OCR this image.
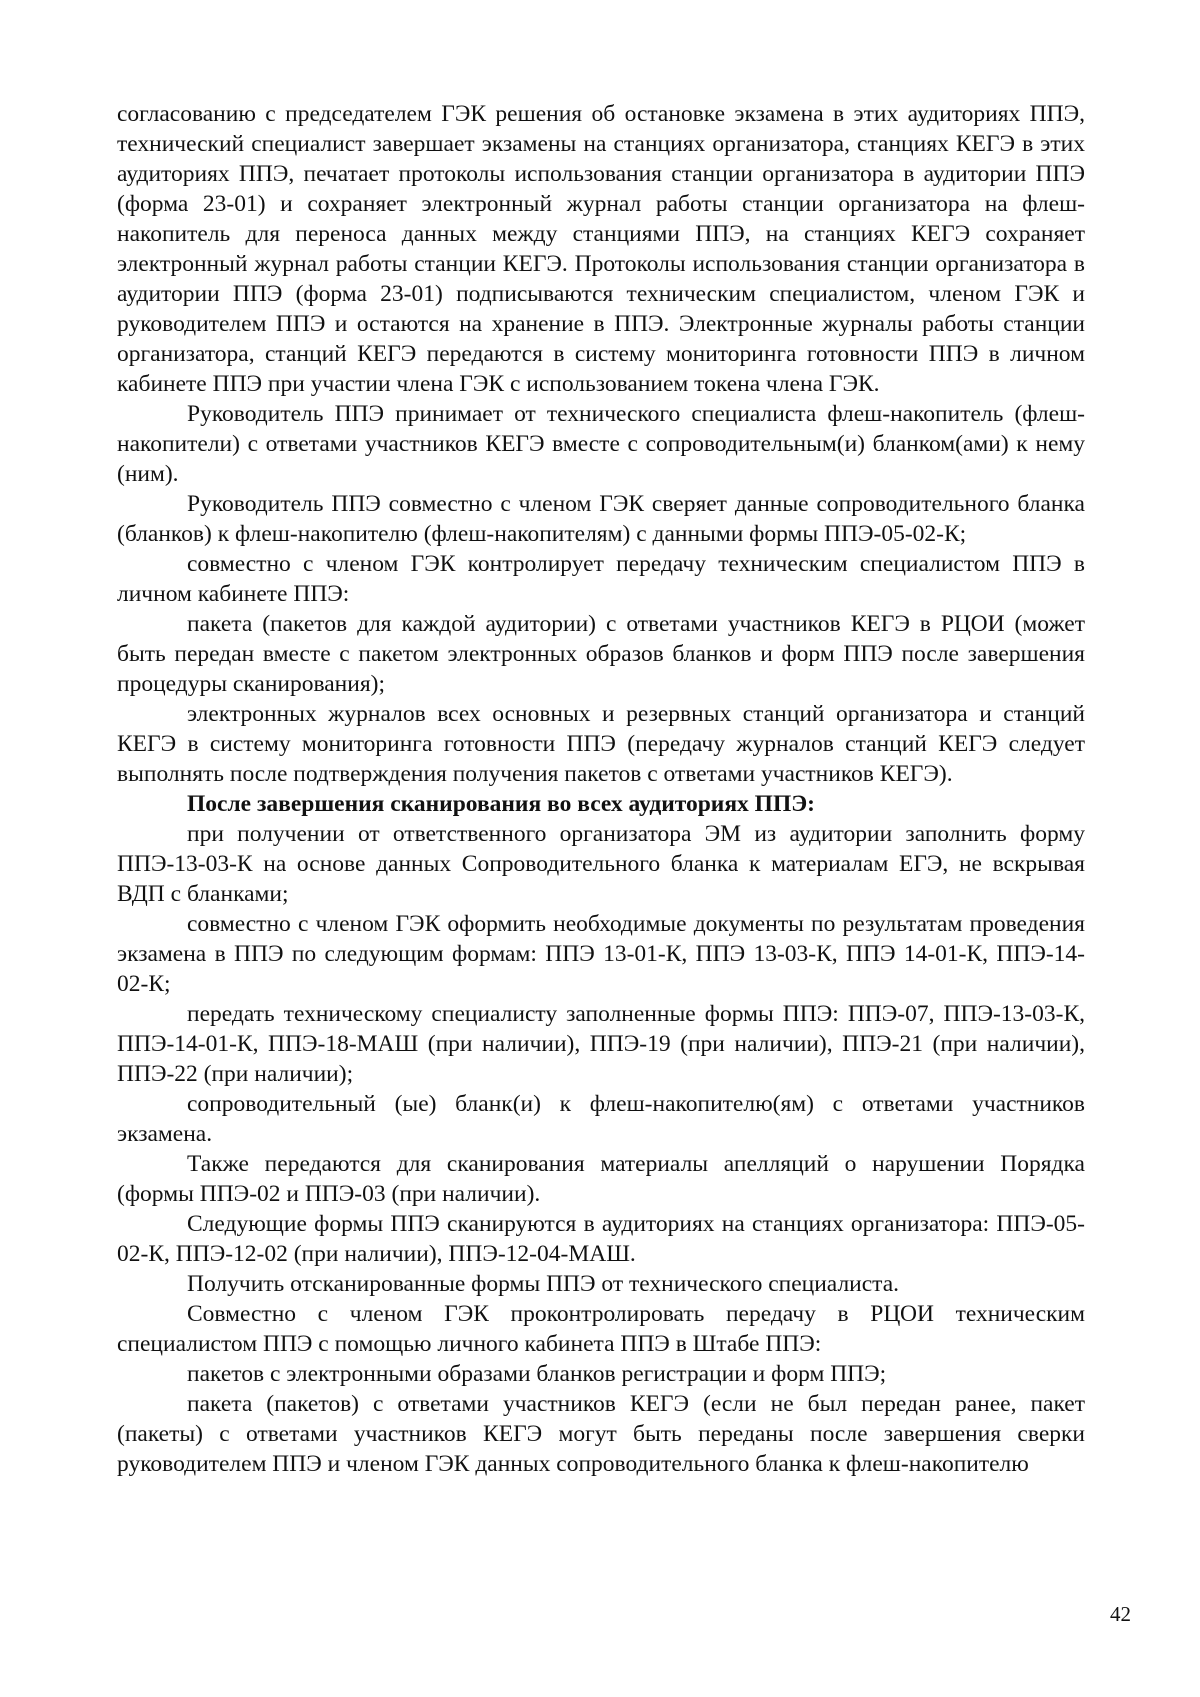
согласованию с председателем ГЭК решения об остановке экзамена в этих аудиториях ППЭ, технический специалист завершает экзамены на станциях организатора, станциях КЕГЭ в этих аудиториях ППЭ, печатает протоколы использования станции организатора в аудитории ППЭ (форма 23-01) и сохраняет электронный журнал работы станции организатора на флеш-накопитель для переноса данных между станциями ППЭ, на станциях КЕГЭ сохраняет электронный журнал работы станции КЕГЭ. Протоколы использования станции организатора в аудитории ППЭ (форма 23-01) подписываются техническим специалистом, членом ГЭК и руководителем ППЭ и остаются на хранение в ППЭ. Электронные журналы работы станции организатора, станций КЕГЭ передаются в систему мониторинга готовности ППЭ в личном кабинете ППЭ при участии члена ГЭК с использованием токена члена ГЭК.

Руководитель ППЭ принимает от технического специалиста флеш-накопитель (флеш-накопители) с ответами участников КЕГЭ вместе с сопроводительным(и) бланком(ами) к нему (ним).

Руководитель ППЭ совместно с членом ГЭК сверяет данные сопроводительного бланка (бланков) к флеш-накопителю (флеш-накопителям) с данными формы ППЭ-05-02-К;

совместно с членом ГЭК контролирует передачу техническим специалистом ППЭ в личном кабинете ППЭ:

пакета (пакетов для каждой аудитории) с ответами участников КЕГЭ в РЦОИ (может быть передан вместе с пакетом электронных образов бланков и форм ППЭ после завершения процедуры сканирования);

электронных журналов всех основных и резервных станций организатора и станций КЕГЭ в систему мониторинга готовности ППЭ (передачу журналов станций КЕГЭ следует выполнять после подтверждения получения пакетов с ответами участников КЕГЭ).

После завершения сканирования во всех аудиториях ППЭ:

при получении от ответственного организатора ЭМ из аудитории заполнить форму ППЭ-13-03-К на основе данных Сопроводительного бланка к материалам ЕГЭ, не вскрывая ВДП с бланками;

совместно с членом ГЭК оформить необходимые документы по результатам проведения экзамена в ППЭ по следующим формам: ППЭ 13-01-К, ППЭ 13-03-К, ППЭ 14-01-К, ППЭ-14-02-К;

передать техническому специалисту заполненные формы ППЭ: ППЭ-07, ППЭ-13-03-К, ППЭ-14-01-К, ППЭ-18-МАШ (при наличии), ППЭ-19 (при наличии), ППЭ-21 (при наличии), ППЭ-22 (при наличии);

сопроводительный (ые) бланк(и) к флеш-накопителю(ям) с ответами участников экзамена.

Также передаются для сканирования материалы апелляций о нарушении Порядка (формы ППЭ-02 и ППЭ-03 (при наличии).

Следующие формы ППЭ сканируются в аудиториях на станциях организатора: ППЭ-05-02-К, ППЭ-12-02 (при наличии), ППЭ-12-04-МАШ.

Получить отсканированные формы ППЭ от технического специалиста.

Совместно с членом ГЭК проконтролировать передачу в РЦОИ техническим специалистом ППЭ с помощью личного кабинета ППЭ в Штабе ППЭ:

пакетов с электронными образами бланков регистрации и форм ППЭ;

пакета (пакетов) с ответами участников КЕГЭ (если не был передан ранее, пакет (пакеты) с ответами участников КЕГЭ могут быть переданы после завершения сверки руководителем ППЭ и членом ГЭК данных сопроводительного бланка к флеш-накопителю

42
